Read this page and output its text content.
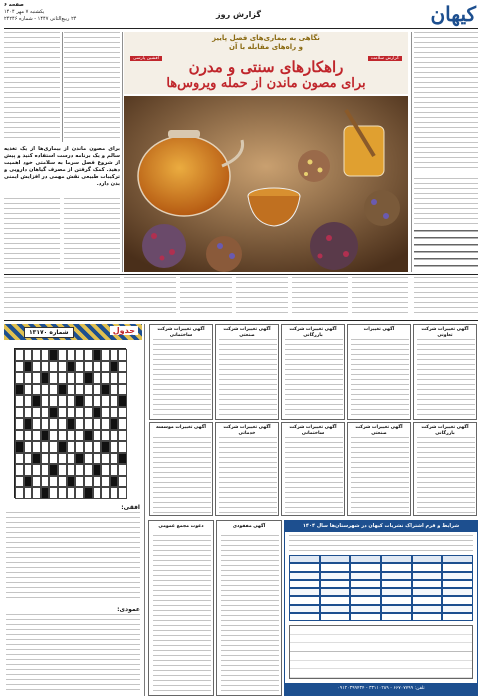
صفحه ۶
یکشنبه ۷ مهر ۱۴۰۴
۲۴ ربیع‌الثانی ۱۴۴۷ - شماره ۲۴۲۴۶	گزارش روز	کیهان
برای مصون ماندن از بیماری‌ها از یک تغذیه سالم و یک برنامه درست استفاده کنید و پیش از شروع فصل سرما به سلامتی خود اهمیت دهید. کمک گرفتن از مصرف گیاهان دارویی و ترکیبات طبیعی نقش مهمی در افزایش ایمنی بدن دارد.
نگاهی به بیماری‌های فصل پاییز
و راه‌های مقابله با آن
گزارش سلامت
افشین پارسی	راهکارهای سنتی و مدرن
برای مصون ماندن از حمله ویروس‌ها
شماره ۱۳۱۷۰	جدول
افقی:
عمودی:
آگهی تغییرات شرکت ساختمانی
آگهی تغییرات شرکت صنعتی
آگهی تغییرات شرکت بازرگانی
آگهی تغییرات	آگهی تغییرات شرکت تعاونی
آگهی تغییرات موسسه	آگهی تغییرات شرکت خدماتی
آگهی تغییرات شرکت ساختمانی
آگهی تغییرات شرکت صنعتی
آگهی تغییرات شرکت بازرگانی
شرایط و فرم اشتراک نشریات کیهان در شهرستان‌ها سال ۱۴۰۴
تلفن: ۶۶۷۰۷۷۹۹ - ۳۳۱۱۰۲۸۹ - ۰۹۱۲۰۳۹۹۴۳۴
دعوت مجمع عمومی	آگهی مفقودی
